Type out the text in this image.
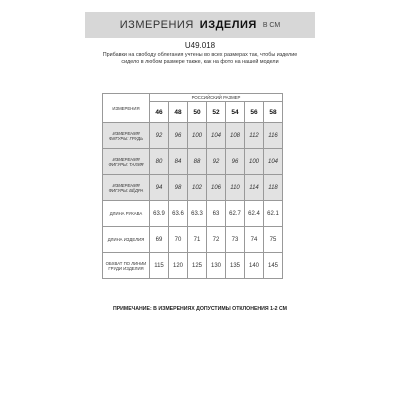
ИЗМЕРЕНИЯ ИЗДЕЛИЯ В СМ
U49.018
Прибавки на свободу облегания учтены во всех размерах так, чтобы изделие сидело в любом размере также, как на фото на нашей модели
ИЗМЕРЕНИЯ	РОССИЙСКИЙ РАЗМЕР						
	46	48	50	52	54	56	58
ИЗМЕРЕНИЯ ФИГУРЫ: ГРУДЬ	92	96	100	104	108	112	116
ИЗМЕРЕНИЯ ФИГУРЫ: ТАЛИЯ	80	84	88	92	96	100	104
ИЗМЕРЕНИЯ ФИГУРЫ: БЁДРА	94	98	102	106	110	114	118
ДЛИНА РУКАВА	63.9	63.6	63.3	63	62.7	62.4	62.1
ДЛИНА ИЗДЕЛИЯ	69	70	71	72	73	74	75
ОБХВАТ ПО ЛИНИИ ГРУДИ ИЗДЕЛИЯ	115	120	125	130	135	140	145
ПРИМЕЧАНИЕ: В ИЗМЕРЕНИЯХ ДОПУСТИМЫ ОТКЛОНЕНИЯ 1-2 СМ
